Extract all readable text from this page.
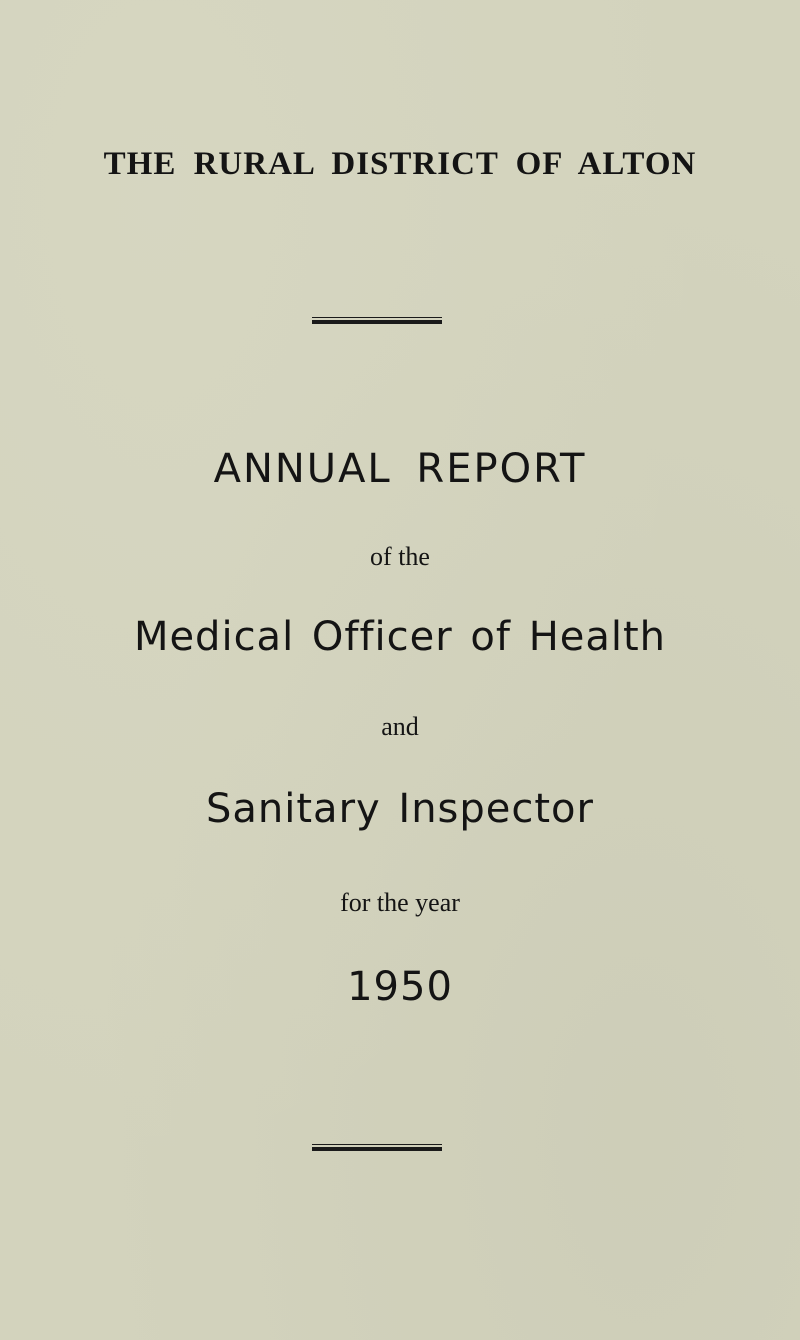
THE RURAL DISTRICT OF ALTON
ANNUAL REPORT
of the
Medical Officer of Health
and
Sanitary Inspector
for the year
1950
